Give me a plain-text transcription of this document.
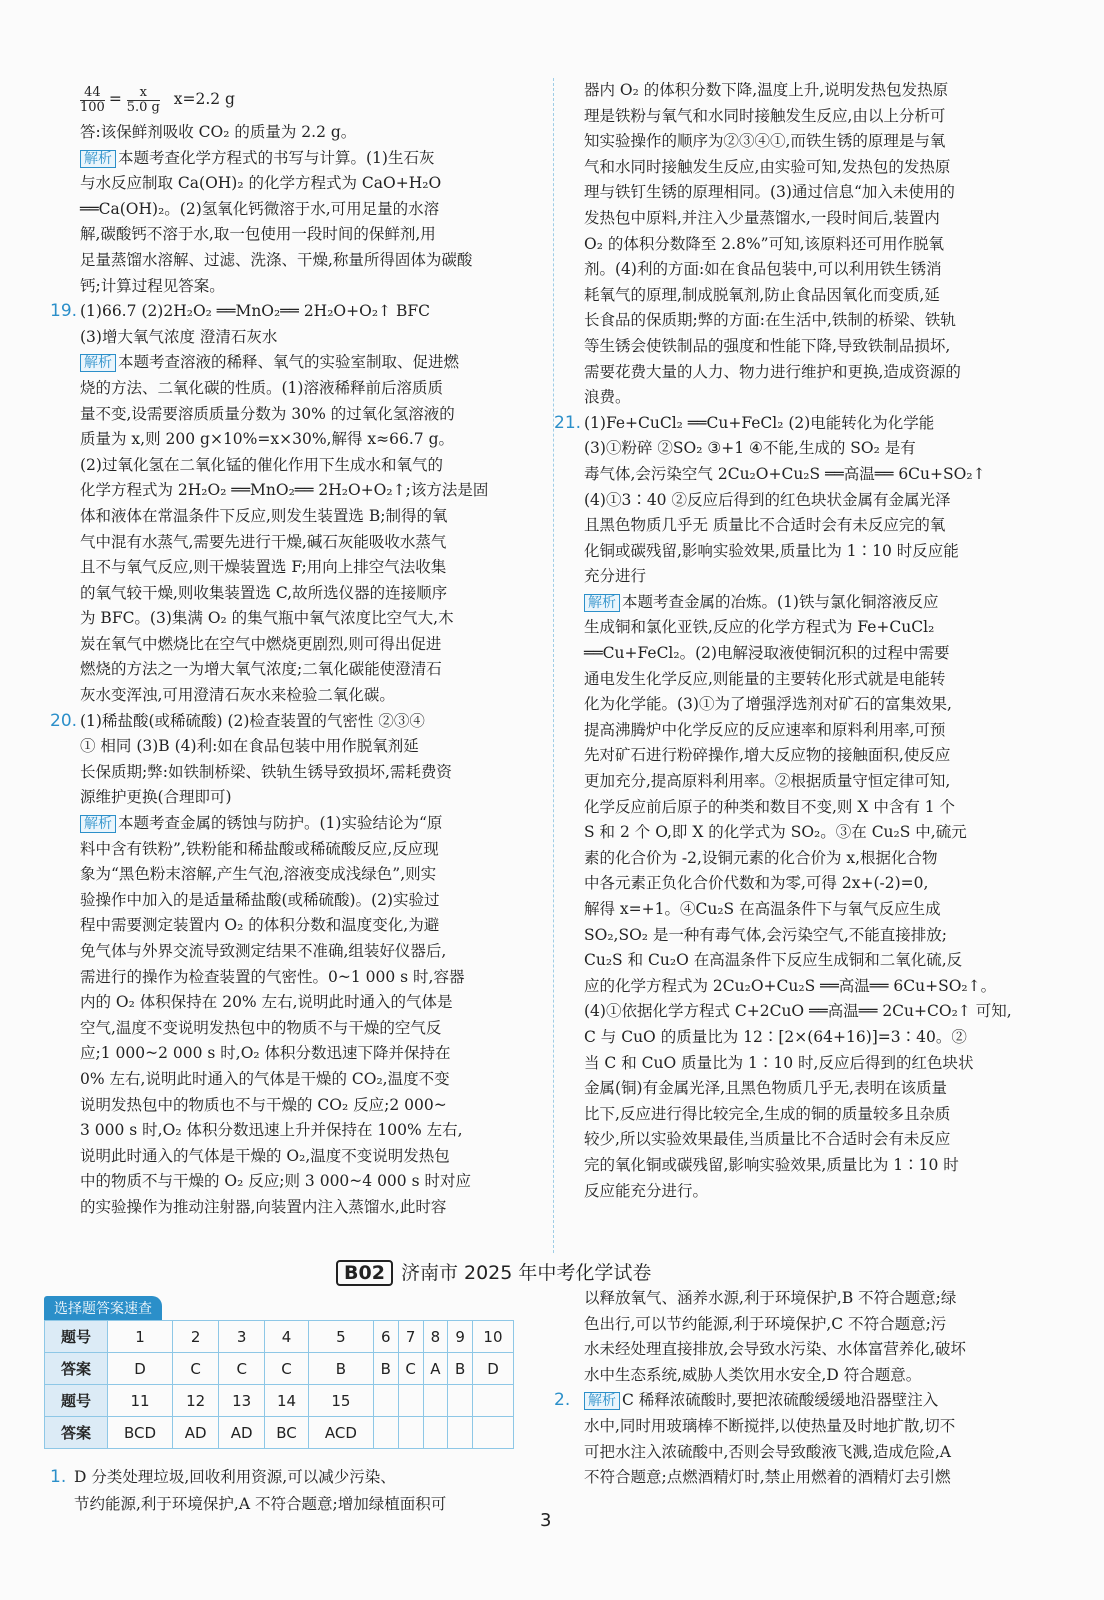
$\frac{44}{100} = \frac{x}{5.0 g} x=2.2$ g
答:该保鲜剂吸收 CO₂ 的质量为 2.2 g。
解析 本题考查化学方程式的书写与计算。(1)生石灰
与水反应制取 Ca(OH)₂ 的化学方程式为 CaO+H₂O
══Ca(OH)₂。(2)氢氧化钙微溶于水,可用足量的水溶
解,碳酸钙不溶于水,取一包使用一段时间的保鲜剂,用
足量蒸馏水溶解、过滤、洗涤、干燥,称量所得固体为碳酸
钙;计算过程见答案。
19. (1)66.7 (2)2H₂O₂ ══MnO₂══ 2H₂O+O₂↑ BFC
(3)增大氧气浓度 澄清石灰水
解析 本题考查溶液的稀释、氧气的实验室制取、促进燃
烧的方法、二氧化碳的性质。(1)溶液稀释前后溶质质
量不变,设需要溶质质量分数为 30% 的过氧化氢溶液的
质量为 x,则 200 g×10%=x×30%,解得 x≈66.7 g。
(2)过氧化氢在二氧化锰的催化作用下生成水和氧气的
化学方程式为 2H₂O₂ ══MnO₂══ 2H₂O+O₂↑;该方法是固
体和液体在常温条件下反应,则发生装置选 B;制得的氧
气中混有水蒸气,需要先进行干燥,碱石灰能吸收水蒸气
且不与氧气反应,则干燥装置选 F;用向上排空气法收集
的氧气较干燥,则收集装置选 C,故所选仪器的连接顺序
为 BFC。(3)集满 O₂ 的集气瓶中氧气浓度比空气大,木
炭在氧气中燃烧比在空气中燃烧更剧烈,则可得出促进
燃烧的方法之一为增大氧气浓度;二氧化碳能使澄清石
灰水变浑浊,可用澄清石灰水来检验二氧化碳。
20. (1)稀盐酸(或稀硫酸) (2)检查装置的气密性 ②③④
① 相同 (3)B (4)利:如在食品包装中用作脱氧剂延
长保质期;弊:如铁制桥梁、铁轨生锈导致损坏,需耗费资
源维护更换(合理即可)
解析 本题考查金属的锈蚀与防护。(1)实验结论为“原
料中含有铁粉”,铁粉能和稀盐酸或稀硫酸反应,反应现
象为“黑色粉末溶解,产生气泡,溶液变成浅绿色”,则实
验操作中加入的是适量稀盐酸(或稀硫酸)。(2)实验过
程中需要测定装置内 O₂ 的体积分数和温度变化,为避
免气体与外界交流导致测定结果不准确,组装好仪器后,
需进行的操作为检查装置的气密性。0~1 000 s 时,容器
内的 O₂ 体积保持在 20% 左右,说明此时通入的气体是
空气,温度不变说明发热包中的物质不与干燥的空气反
应;1 000~2 000 s 时,O₂ 体积分数迅速下降并保持在
0% 左右,说明此时通入的气体是干燥的 CO₂,温度不变
说明发热包中的物质也不与干燥的 CO₂ 反应;2 000~
3 000 s 时,O₂ 体积分数迅速上升并保持在 100% 左右,
说明此时通入的气体是干燥的 O₂,温度不变说明发热包
中的物质不与干燥的 O₂ 反应;则 3 000~4 000 s 时对应
的实验操作为推动注射器,向装置内注入蒸馏水,此时容
器内 O₂ 的体积分数下降,温度上升,说明发热包发热原
理是铁粉与氧气和水同时接触发生反应,由以上分析可
知实验操作的顺序为②③④①,而铁生锈的原理是与氧
气和水同时接触发生反应,由实验可知,发热包的发热原
理与铁钉生锈的原理相同。(3)通过信息“加入未使用的
发热包中原料,并注入少量蒸馏水,一段时间后,装置内
O₂ 的体积分数降至 2.8%”可知,该原料还可用作脱氧
剂。(4)利的方面:如在食品包装中,可以利用铁生锈消
耗氧气的原理,制成脱氧剂,防止食品因氧化而变质,延
长食品的保质期;弊的方面:在生活中,铁制的桥梁、铁轨
等生锈会使铁制品的强度和性能下降,导致铁制品损坏,
需要花费大量的人力、物力进行维护和更换,造成资源的
浪费。
21. (1)Fe+CuCl₂ ══Cu+FeCl₂ (2)电能转化为化学能
(3)①粉碎 ②SO₂ ③+1 ④不能,生成的 SO₂ 是有
毒气体,会污染空气 2Cu₂O+Cu₂S ══高温══ 6Cu+SO₂↑
(4)①3∶40 ②反应后得到的红色块状金属有金属光泽
且黑色物质几乎无 质量比不合适时会有未反应完的氧
化铜或碳残留,影响实验效果,质量比为 1∶10 时反应能
充分进行
解析 本题考查金属的冶炼。(1)铁与氯化铜溶液反应
生成铜和氯化亚铁,反应的化学方程式为 Fe+CuCl₂
══Cu+FeCl₂。(2)电解浸取液使铜沉积的过程中需要
通电发生化学反应,则能量的主要转化形式就是电能转
化为化学能。(3)①为了增强浮选剂对矿石的富集效果,
提高沸腾炉中化学反应的反应速率和原料利用率,可预
先对矿石进行粉碎操作,增大反应物的接触面积,使反应
更加充分,提高原料利用率。②根据质量守恒定律可知,
化学反应前后原子的种类和数目不变,则 X 中含有 1 个
S 和 2 个 O,即 X 的化学式为 SO₂。③在 Cu₂S 中,硫元
素的化合价为 -2,设铜元素的化合价为 x,根据化合物
中各元素正负化合价代数和为零,可得 2x+(-2)=0,
解得 x=+1。④Cu₂S 在高温条件下与氧气反应生成
SO₂,SO₂ 是一种有毒气体,会污染空气,不能直接排放;
Cu₂S 和 Cu₂O 在高温条件下反应生成铜和二氧化硫,反
应的化学方程式为 2Cu₂O+Cu₂S ══高温══ 6Cu+SO₂↑。
(4)①依据化学方程式 C+2CuO ══高温══ 2Cu+CO₂↑ 可知,
C 与 CuO 的质量比为 12∶[2×(64+16)]=3∶40。②
当 C 和 CuO 质量比为 1∶10 时,反应后得到的红色块状
金属(铜)有金属光泽,且黑色物质几乎无,表明在该质量
比下,反应进行得比较完全,生成的铜的质量较多且杂质
较少,所以实验效果最佳,当质量比不合适时会有未反应
完的氧化铜或碳残留,影响实验效果,质量比为 1∶10 时
反应能充分进行。
B02 济南市 2025 年中考化学试卷
选择题答案速查
题号	1	2	3	4	5	6	7	8	9	10
答案	D	C	C	C	B	B	C	A	B	D
题号	11	12	13	14	15					
答案	BCD	AD	AD	BC	ACD					
1. D 分类处理垃圾,回收利用资源,可以减少污染、
节约能源,利于环境保护,A 不符合题意;增加绿植面积可
以释放氧气、涵养水源,利于环境保护,B 不符合题意;绿
色出行,可以节约能源,利于环境保护,C 不符合题意;污
水未经处理直接排放,会导致水污染、水体富营养化,破坏
水中生态系统,威胁人类饮用水安全,D 符合题意。
2. 解析 C 稀释浓硫酸时,要把浓硫酸缓缓地沿器壁注入
水中,同时用玻璃棒不断搅拌,以使热量及时地扩散,切不
可把水注入浓硫酸中,否则会导致酸液飞溅,造成危险,A
不符合题意;点燃酒精灯时,禁止用燃着的酒精灯去引燃
3
